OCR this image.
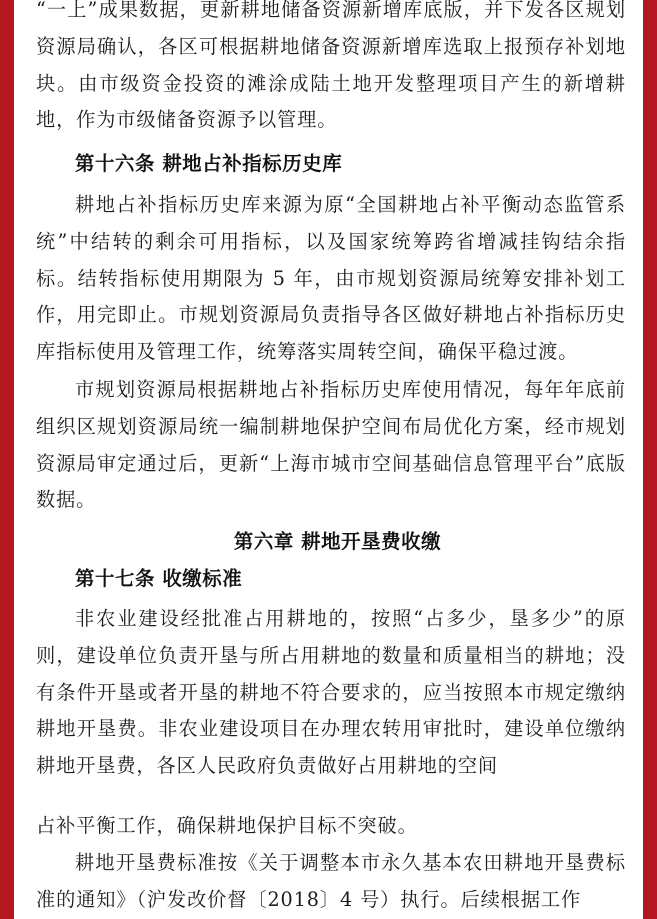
“一上”成果数据，更新耕地储备资源新增库底版，并下发各区规划资源局确认，各区可根据耕地储备资源新增库选取上报预存补划地块。由市级资金投资的滩涂成陆土地开发整理项目产生的新增耕地，作为市级储备资源予以管理。
第十六条 耕地占补指标历史库
耕地占补指标历史库来源为原“全国耕地占补平衡动态监管系统”中结转的剩余可用指标，以及国家统筹跨省增减挂钩结余指标。结转指标使用期限为 5 年，由市规划资源局统筹安排补划工作，用完即止。市规划资源局负责指导各区做好耕地占补指标历史库指标使用及管理工作，统筹落实周转空间，确保平稳过渡。
市规划资源局根据耕地占补指标历史库使用情况，每年年底前组织区规划资源局统一编制耕地保护空间布局优化方案，经市规划资源局审定通过后，更新“上海市城市空间基础信息管理平台”底版数据。
第六章 耕地开垦费收缴
第十七条 收缴标准
非农业建设经批准占用耕地的，按照“占多少，垦多少”的原则，建设单位负责开垦与所占用耕地的数量和质量相当的耕地；没有条件开垦或者开垦的耕地不符合要求的，应当按照本市规定缴纳耕地开垦费。非农业建设项目在办理农转用审批时，建设单位缴纳耕地开垦费，各区人民政府负责做好占用耕地的空间
占补平衡工作，确保耕地保护目标不突破。
耕地开垦费标准按《关于调整本市永久基本农田耕地开垦费标准的通知》（沪发改价督〔2018〕4 号）执行。后续根据工作
